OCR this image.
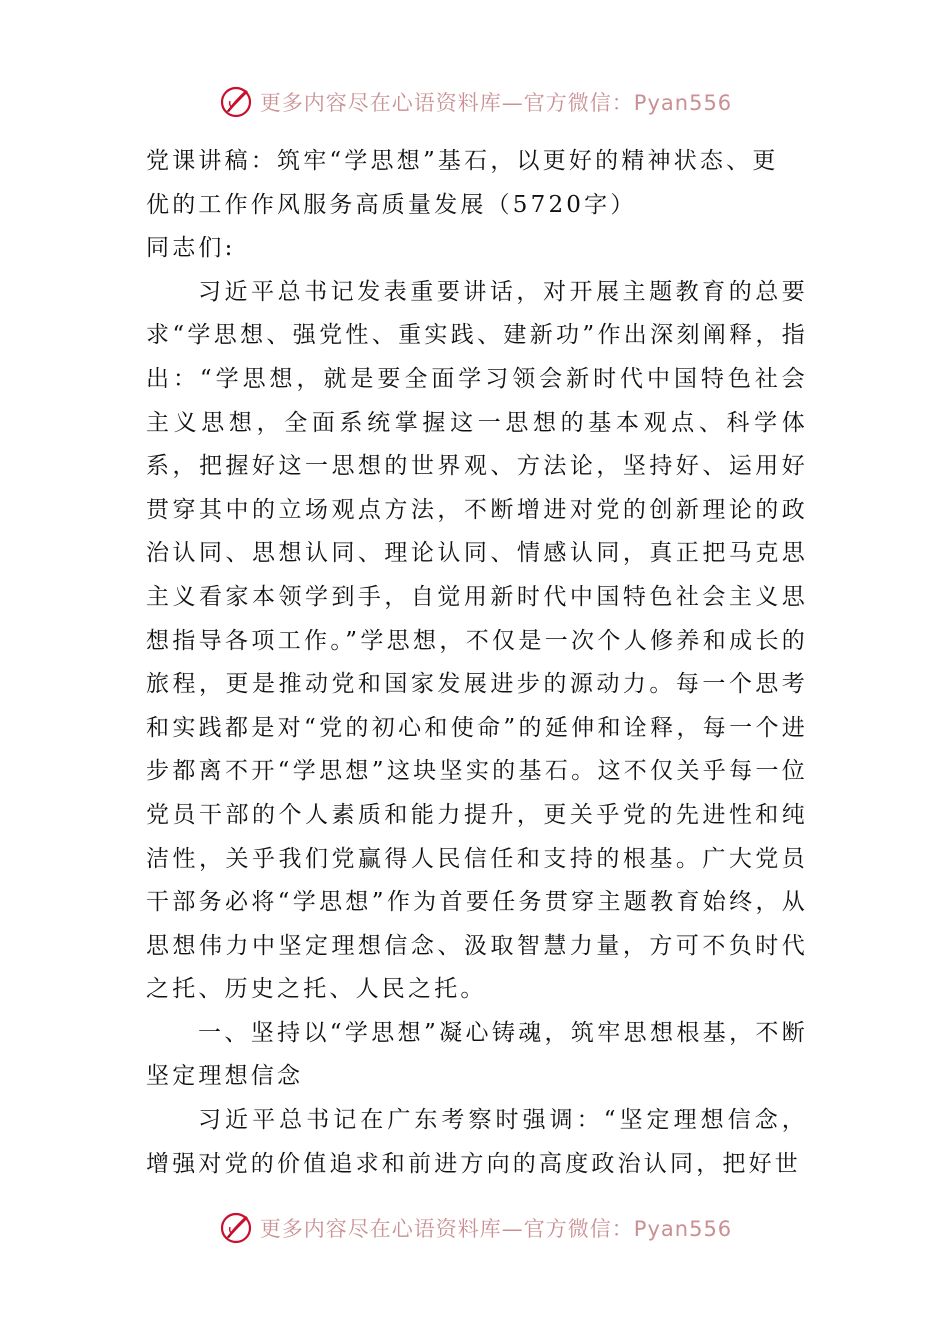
更多内容尽在心语资料库—官方微信：Pyan556

党课讲稿：筑牢“学思想”基石，以更好的精神状态、更

优的工作作风服务高质量发展（5720字）

同志们:

习近平总书记发表重要讲话，对开展主题教育的总要求“学思想、强党性、重实践、建新功”作出深刻阐释，指出：“学思想，就是要全面学习领会新时代中国特色社会主义思想，全面系统掌握这一思想的基本观点、科学体系，把握好这一思想的世界观、方法论，坚持好、运用好贯穿其中的立场观点方法，不断增进对党的创新理论的政治认同、思想认同、理论认同、情感认同，真正把马克思主义看家本领学到手，自觉用新时代中国特色社会主义思想指导各项工作。”学思想，不仅是一次个人修养和成长的旅程，更是推动党和国家发展进步的源动力。每一个思考和实践都是对“党的初心和使命”的延伸和诠释，每一个进步都离不开“学思想”这块坚实的基石。这不仅关乎每一位党员干部的个人素质和能力提升，更关乎党的先进性和纯洁性，关乎我们党赢得人民信任和支持的根基。广大党员干部务必将“学思想”作为首要任务贯穿主题教育始终，从思想伟力中坚定理想信念、汲取智慧力量，方可不负时代之托、历史之托、人民之托。

一、坚持以“学思想”凝心铸魂，筑牢思想根基，不断坚定理想信念

习近平总书记在广东考察时强调：“坚定理想信念，增强对党的价值追求和前进方向的高度政治认同，把好世

更多内容尽在心语资料库—官方微信：Pyan556
